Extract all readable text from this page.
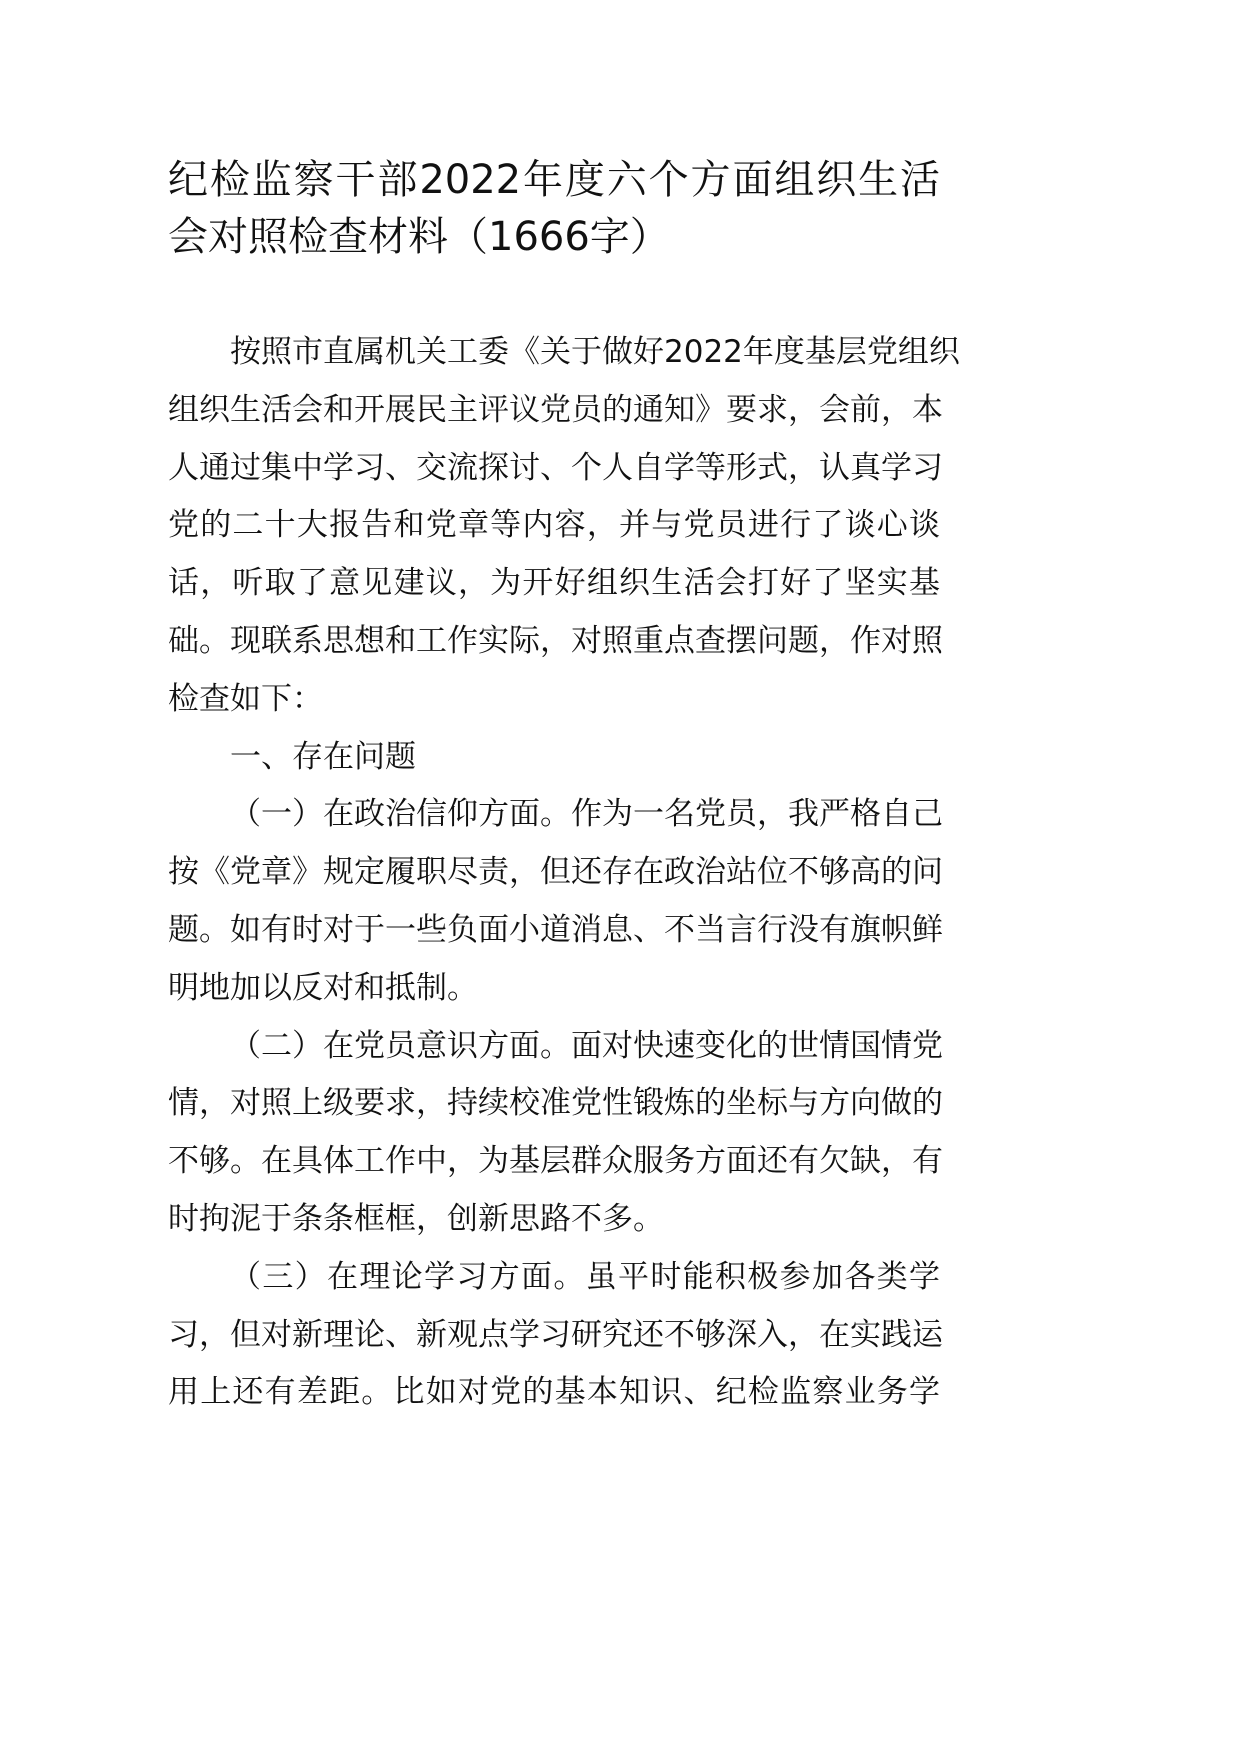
纪检监察干部2022年度六个方面组织生活
会对照检查材料（1666字）
按照市直属机关工委《关于做好2022年度基层党组织
组织生活会和开展民主评议党员的通知》要求，会前，本
人通过集中学习、交流探讨、个人自学等形式，认真学习
党的二十大报告和党章等内容，并与党员进行了谈心谈
话，听取了意见建议，为开好组织生活会打好了坚实基
础。现联系思想和工作实际，对照重点查摆问题，作对照
检查如下：
一、存在问题
（一）在政治信仰方面。作为一名党员，我严格自己
按《党章》规定履职尽责，但还存在政治站位不够高的问
题。如有时对于一些负面小道消息、不当言行没有旗帜鲜
明地加以反对和抵制。
（二）在党员意识方面。面对快速变化的世情国情党
情，对照上级要求，持续校准党性锻炼的坐标与方向做的
不够。在具体工作中，为基层群众服务方面还有欠缺，有
时拘泥于条条框框，创新思路不多。
（三）在理论学习方面。虽平时能积极参加各类学
习，但对新理论、新观点学习研究还不够深入，在实践运
用上还有差距。比如对党的基本知识、纪检监察业务学
